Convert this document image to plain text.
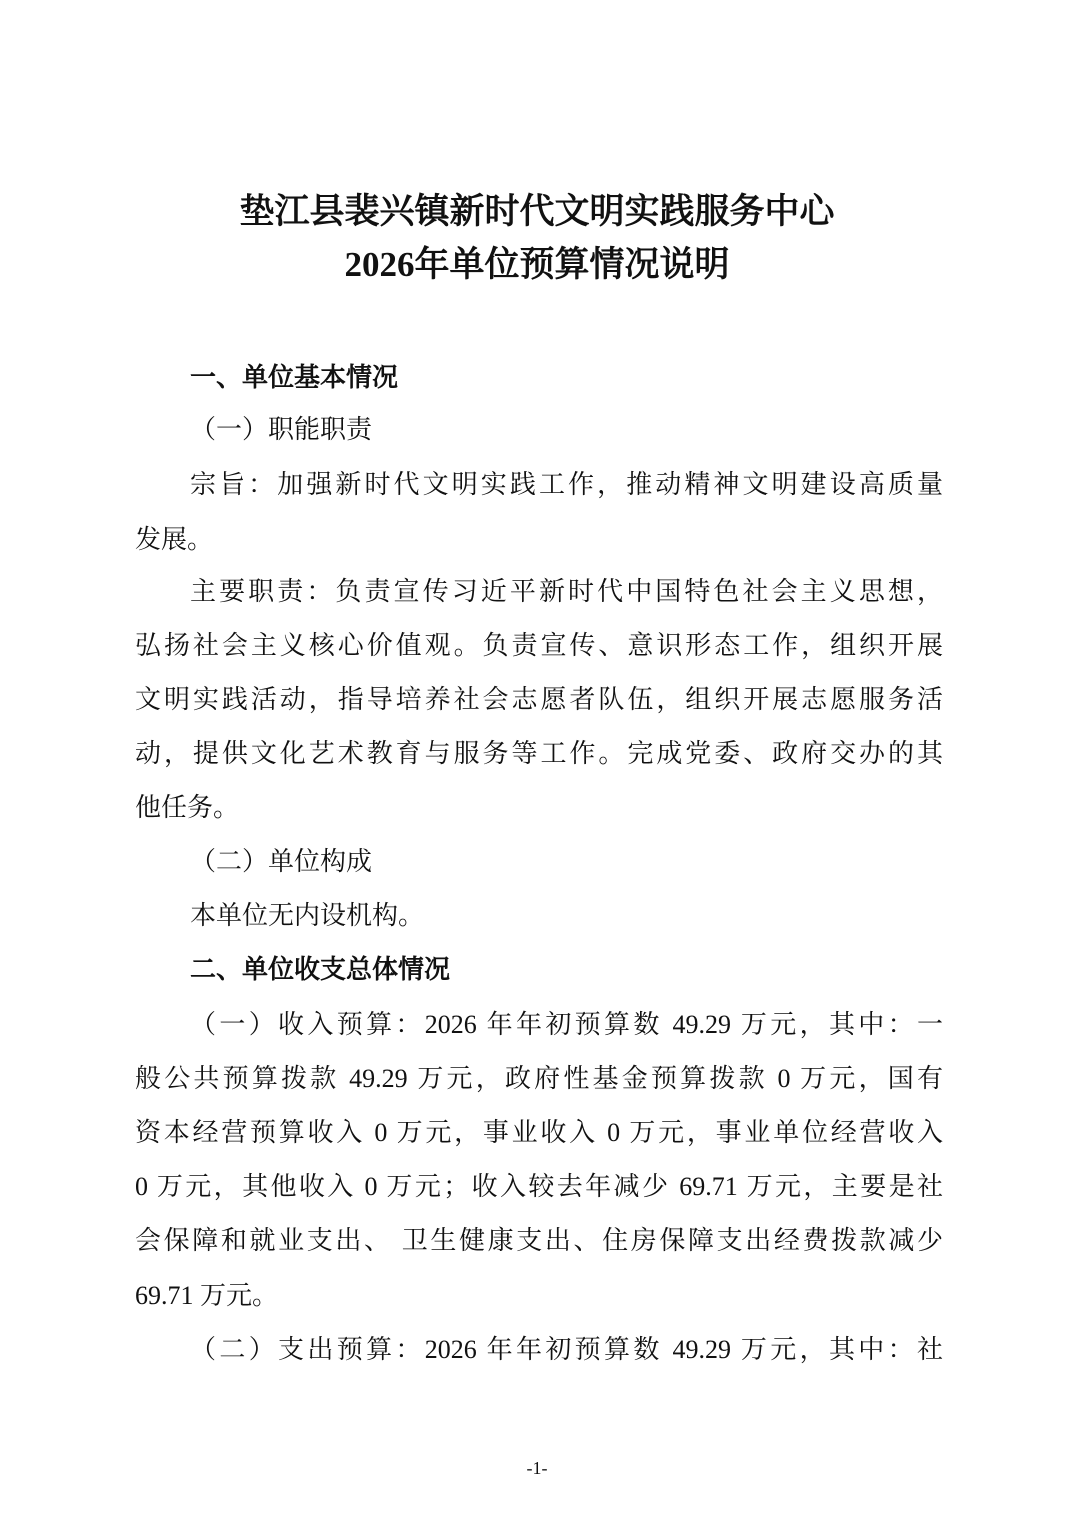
垫江县裴兴镇新时代文明实践服务中心
2026年单位预算情况说明
一、单位基本情况
（一）职能职责
宗旨：加强新时代文明实践工作，推动精神文明建设高质量
发展。
主要职责：负责宣传习近平新时代中国特色社会主义思想，
弘扬社会主义核心价值观。负责宣传、意识形态工作，组织开展
文明实践活动，指导培养社会志愿者队伍，组织开展志愿服务活
动，提供文化艺术教育与服务等工作。完成党委、政府交办的其
他任务。
（二）单位构成
本单位无内设机构。
二、单位收支总体情况
（一）收入预算：2026 年年初预算数 49.29 万元，其中：一
般公共预算拨款 49.29 万元，政府性基金预算拨款 0 万元，国有
资本经营预算收入 0 万元，事业收入 0 万元，事业单位经营收入
0 万元，其他收入 0 万元；收入较去年减少 69.71 万元，主要是社
会保障和就业支出、 卫生健康支出、住房保障支出经费拨款减少
69.71 万元。
（二）支出预算：2026 年年初预算数 49.29 万元，其中：社
-1-
